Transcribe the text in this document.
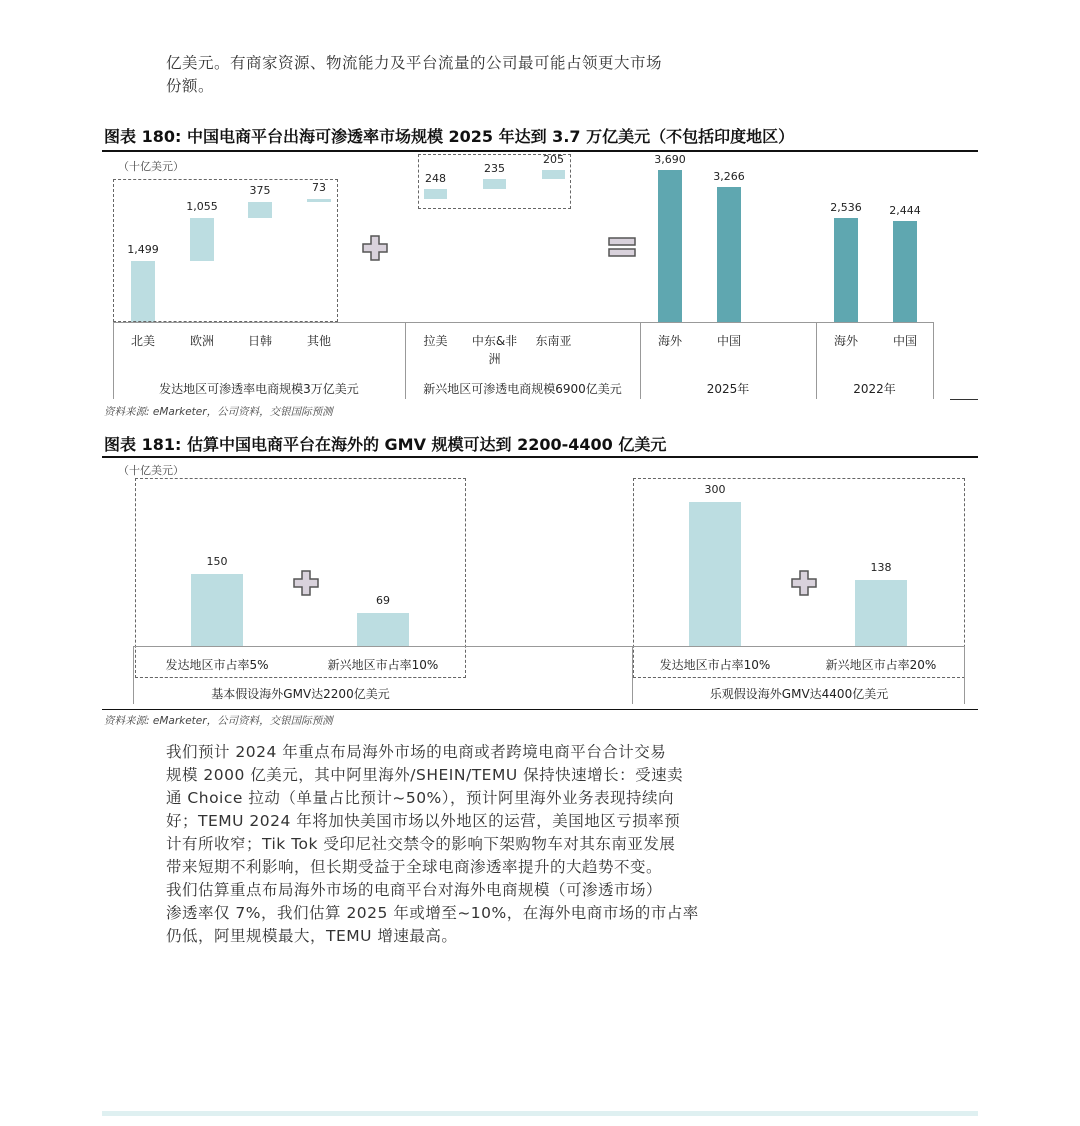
亿美元。有商家资源、物流能力及平台流量的公司最可能占领更大市场
份额。
图表 180: 中国电商平台出海可渗透率市场规模 2025 年达到 3.7 万亿美元（不包括印度地区）
（十亿美元）
1,499
1,055
375	73
北美	欧洲	日韩	其他
248
235
205
拉美	中东&非
洲
东南亚
3,690
海外
3,266
中国
2,536
海外
2,444
中国
发达地区可渗透率电商规模3万亿美元	新兴地区可渗透电商规模6900亿美元	2025年	2022年
资料来源: eMarketer，公司资料，交银国际预测
图表 181: 估算中国电商平台在海外的 GMV 规模可达到 2200-4400 亿美元
（十亿美元）
150
发达地区市占率5%
69
新兴地区市占率10%
300
发达地区市占率10%
138
新兴地区市占率20%
基本假设海外GMV达2200亿美元	乐观假设海外GMV达4400亿美元
资料来源: eMarketer，公司资料，交银国际预测
我们预计 2024 年重点布局海外市场的电商或者跨境电商平台合计交易
规模 2000 亿美元，其中阿里海外/SHEIN/TEMU 保持快速增长：受速卖
通 Choice 拉动（单量占比预计~50%），预计阿里海外业务表现持续向
好；TEMU 2024 年将加快美国市场以外地区的运营，美国地区亏损率预
计有所收窄；Tik Tok 受印尼社交禁令的影响下架购物车对其东南亚发展
带来短期不利影响，但长期受益于全球电商渗透率提升的大趋势不变。
我们估算重点布局海外市场的电商平台对海外电商规模（可渗透市场）
渗透率仅 7%，我们估算 2025 年或增至~10%，在海外电商市场的市占率
仍低，阿里规模最大，TEMU 增速最高。
